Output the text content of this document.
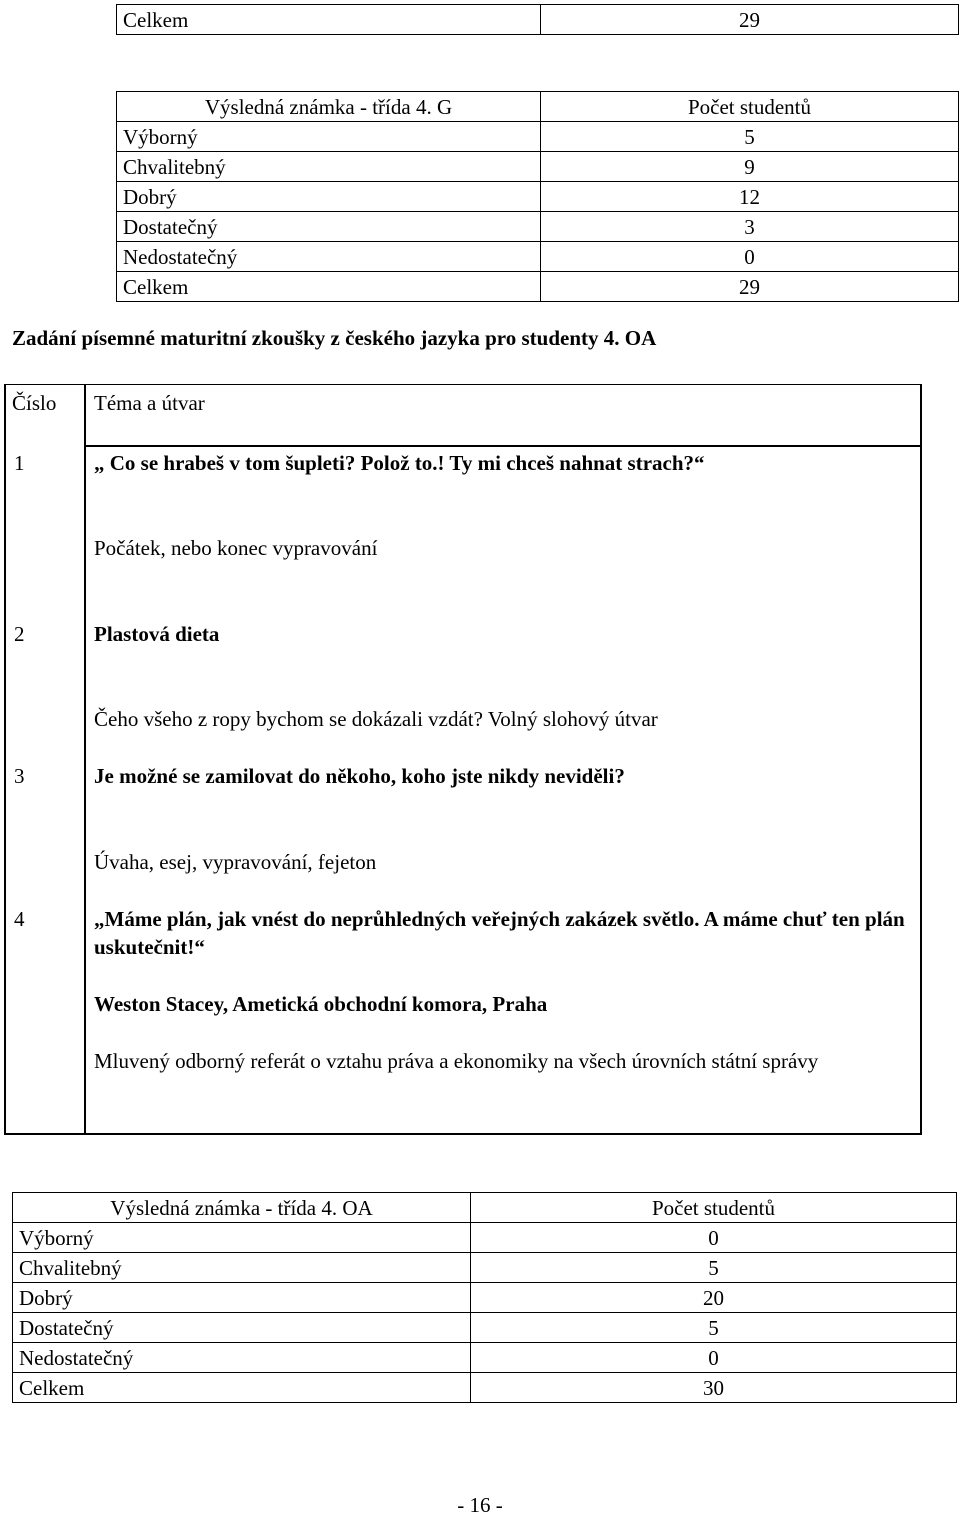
Celkem	29
Výsledná známka - třída 4. G	Počet studentů
Výborný	5
Chvalitebný	9
Dobrý	12
Dostatečný	3
Nedostatečný	0
Celkem	29
Zadání písemné maturitní zkoušky z českého jazyka pro studenty 4. OA
Číslo Téma a útvar
1	„ Co se hrabeš v tom šupleti? Polož to.! Ty mi chceš nahnat strach?“
Počátek, nebo konec vypravování
2	Plastová dieta
Čeho všeho z ropy bychom se dokázali vzdát? Volný slohový útvar
3	Je možné se zamilovat do někoho, koho jste nikdy neviděli?
Úvaha, esej, vypravování, fejeton
4	„Máme plán, jak vnést do neprůhledných veřejných zakázek světlo. A máme chuť ten plán uskutečnit!“
Weston Stacey, Ametická obchodní komora, Praha
Mluvený odborný referát o vztahu práva a ekonomiky na všech úrovních státní správy
Výsledná známka - třída 4. OA	Počet studentů
Výborný	0
Chvalitebný	5
Dobrý	20
Dostatečný	5
Nedostatečný	0
Celkem	30
- 16 -
